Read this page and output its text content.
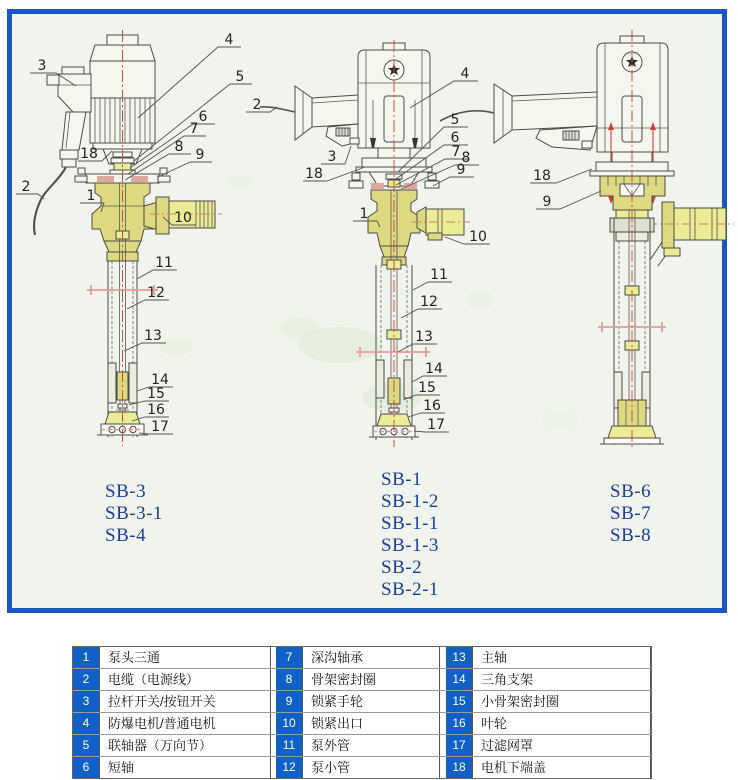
3
4
5
6
7
8 9
18
2
1
10
11
12
13
14
15
16
17
2
4
5
6
7 8
9
3
18
1
10
11
12
13
14
15
16
17
18
9
SB-3
SB-3-1
SB-4
SB-1
SB-1-2
SB-1-1
SB-1-3
SB-2
SB-2-1
SB-6
SB-7
SB-8
1	泵头三通	7	深沟轴承	13	主轴
2	电缆（电源线）	8	骨架密封圈	14	三角支架
3	拉杆开关/按钮开关	9	锁紧手轮	15	小骨架密封圈
4	防爆电机/普通电机	10	锁紧出口	16	叶轮
5	联轴器（万向节）	11	泵外管	17	过滤网罩
6	短轴	12	泵小管	18	电机下端盖
